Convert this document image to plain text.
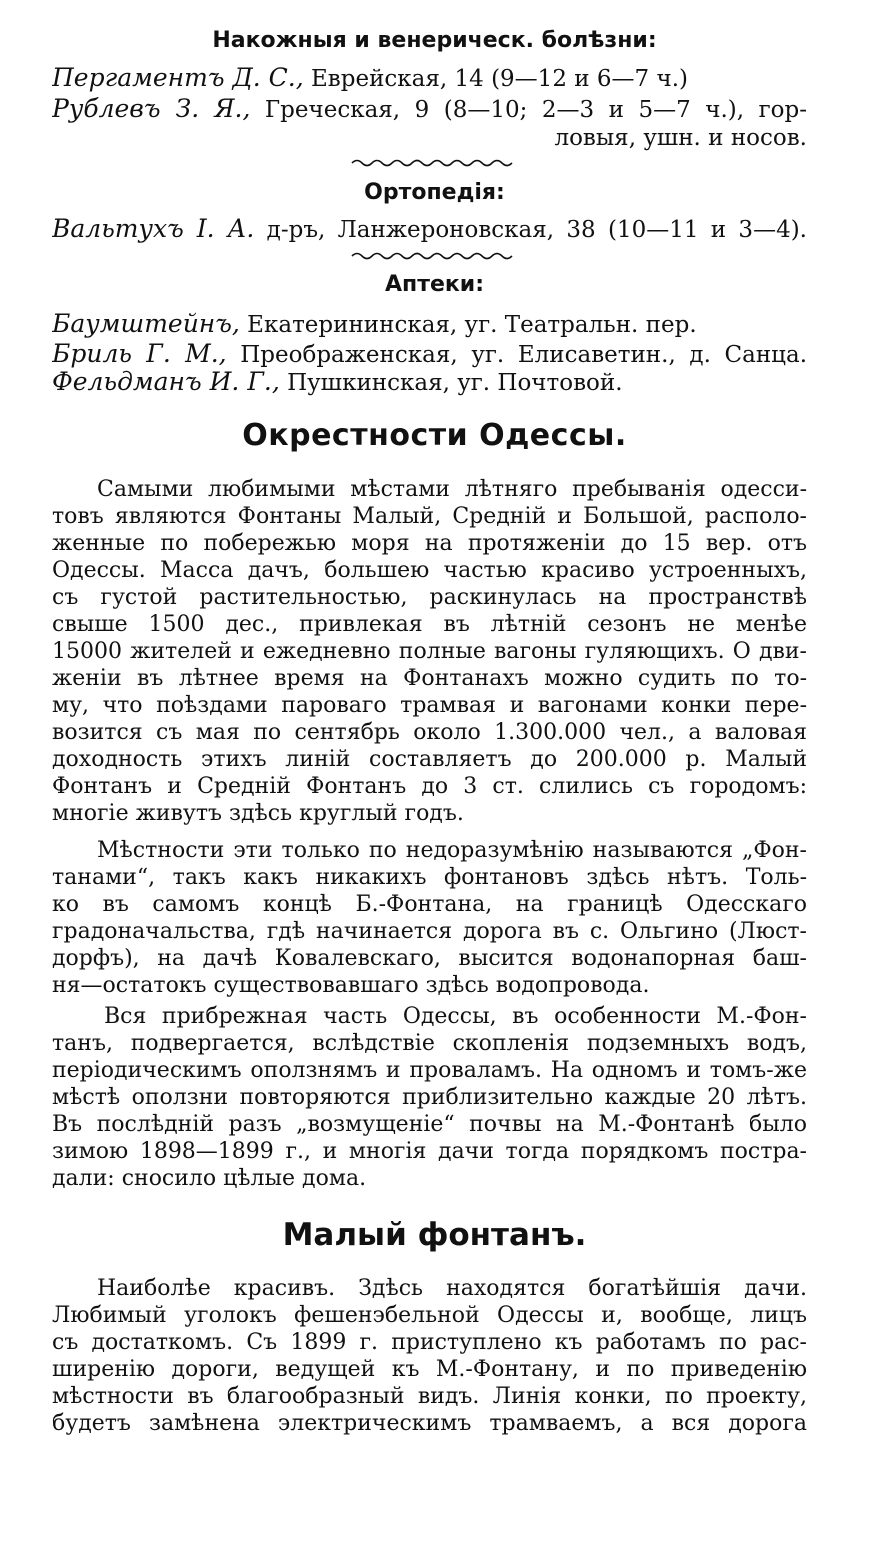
Накожныя и венерическ. болѣзни:
Пергаментъ Д. С., Еврейская, 14 (9—12 и 6—7 ч.)
Рублевъ З. Я., Греческая, 9 (8—10; 2—3 и 5—7 ч.), гор-
ловыя, ушн. и носов.
Ортопедія:
Вальтухъ І. А. д-ръ, Ланжероновская, 38 (10—11 и 3—4).
Аптеки:
Баумштейнъ, Екатерининская, уг. Театральн. пер.
Бриль Г. М., Преображенская, уг. Елисаветин., д. Санца.
Фельдманъ И. Г., Пушкинская, уг. Почтовой.
Окрестности Одессы.
Самыми любимыми мѣстами лѣтняго пребыванія одесси-
товъ являются Фонтаны Малый, Средній и Большой, располо-
женные по побережью моря на протяженіи до 15 вер. отъ
Одессы. Масса дачъ, большею частью красиво устроенныхъ,
съ густой растительностью, раскинулась на пространствѣ
свыше 1500 дес., привлекая въ лѣтній сезонъ не менѣе
15000 жителей и ежедневно полные вагоны гуляющихъ. О дви-
женіи въ лѣтнее время на Фонтанахъ можно судить по то-
му, что поѣздами пароваго трамвая и вагонами конки пере-
возится съ мая по сентябрь около 1.300.000 чел., а валовая
доходность этихъ линій составляетъ до 200.000 р. Малый
Фонтанъ и Средній Фонтанъ до 3 ст. слились съ городомъ:
многіе живутъ здѣсь круглый годъ.
Мѣстности эти только по недоразумѣнію называются „Фон-
танами“, такъ какъ никакихъ фонтановъ здѣсь нѣтъ. Толь-
ко въ самомъ концѣ Б.-Фонтана, на границѣ Одесскаго
градоначальства, гдѣ начинается дорога въ с. Ольгино (Люст-
дорфъ), на дачѣ Ковалевскаго, высится водонапорная баш-
ня—остатокъ существовавшаго здѣсь водопровода.
Вся прибрежная часть Одессы, въ особенности М.-Фон-
танъ, подвергается, вслѣдствіе скопленія подземныхъ водъ,
періодическимъ оползнямъ и проваламъ. На одномъ и томъ-же
мѣстѣ оползни повторяются приблизительно каждые 20 лѣтъ.
Въ послѣдній разъ „возмущеніе“ почвы на М.-Фонтанѣ было
зимою 1898—1899 г., и многія дачи тогда порядкомъ постра-
дали: сносило цѣлые дома.
Малый фонтанъ.
Наиболѣе красивъ. Здѣсь находятся богатѣйшія дачи.
Любимый уголокъ фешенэбельной Одессы и, вообще, лицъ
съ достаткомъ. Съ 1899 г. приступлено къ работамъ по рас-
ширенію дороги, ведущей къ М.-Фонтану, и по приведенію
мѣстности въ благообразный видъ. Линія конки, по проекту,
будетъ замѣнена электрическимъ трамваемъ, а вся дорога
